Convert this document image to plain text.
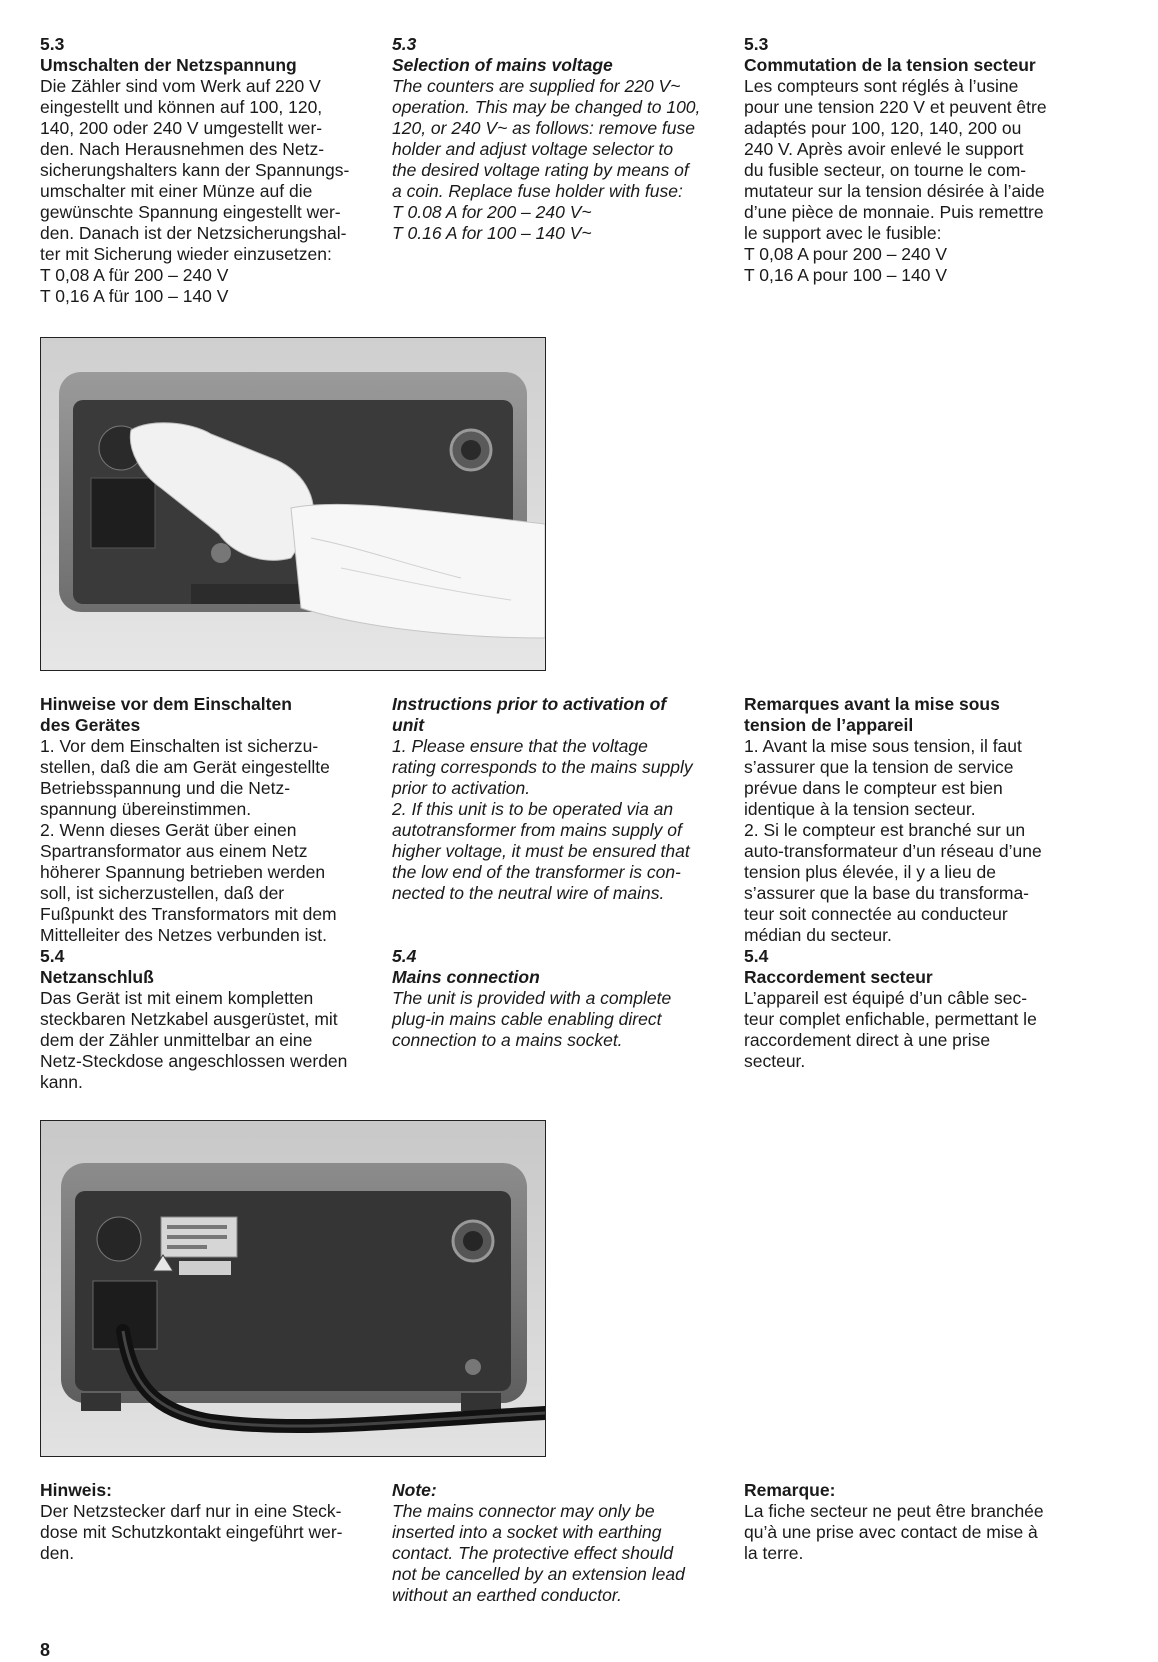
5.3

Umschalten der Netzspannung

Die Zähler sind vom Werk auf 220 V

eingestellt und können auf 100, 120,

140, 200 oder 240 V umgestellt wer-

den. Nach Herausnehmen des Netz-

sicherungshalters kann der Spannungs-

umschalter mit einer Münze auf die

gewünschte Spannung eingestellt wer-

den. Danach ist der Netzsicherungshal-

ter mit Sicherung wieder einzusetzen:

T 0,08 A für 200 – 240 V

T 0,16 A für 100 – 140 V

5.3

Selection of mains voltage

The counters are supplied for 220 V~

operation. This may be changed to 100,

120, or 240 V~ as follows: remove fuse

holder and adjust voltage selector to

the desired voltage rating by means of

a coin. Replace fuse holder with fuse:

T 0.08 A for 200 – 240 V~

T 0.16 A for 100 – 140 V~

5.3

Commutation de la tension secteur

Les compteurs sont réglés à l’usine

pour une tension 220 V et peuvent être

adaptés pour 100, 120, 140, 200 ou

240 V. Après avoir enlevé le support

du fusible secteur, on tourne le com-

mutateur sur la tension désirée à l’aide

d’une pièce de monnaie. Puis remettre

le support avec le fusible:

T 0,08 A pour 200 – 240 V

T 0,16 A pour 100 – 140 V

Hinweise vor dem Einschalten

des Gerätes

1. Vor dem Einschalten ist sicherzu-

stellen, daß die am Gerät eingestellte

Betriebsspannung und die Netz-

spannung übereinstimmen.

2. Wenn dieses Gerät über einen

Spartransformator aus einem Netz

höherer Spannung betrieben werden

soll, ist sicherzustellen, daß der

Fußpunkt des Transformators mit dem

Mittelleiter des Netzes verbunden ist.

5.4

Netzanschluß

Das Gerät ist mit einem kompletten

steckbaren Netzkabel ausgerüstet, mit

dem der Zähler unmittelbar an eine

Netz-Steckdose angeschlossen werden

kann.

Instructions prior to activation of

unit

1. Please ensure that the voltage

rating corresponds to the mains supply

prior to activation.

2. If this unit is to be operated via an

autotransformer from mains supply of

higher voltage, it must be ensured that

the low end of the transformer is con-

nected to the neutral wire of mains.

5.4

Mains connection

The unit is provided with a complete

plug-in mains cable enabling direct

connection to a mains socket.

Remarques avant la mise sous

tension de l’appareil

1. Avant la mise sous tension, il faut

s’assurer que la tension de service

prévue dans le compteur est bien

identique à la tension secteur.

2. Si le compteur est branché sur un

auto-transformateur d’un réseau d’une

tension plus élevée, il y a lieu de

s’assurer que la base du transforma-

teur soit connectée au conducteur

médian du secteur.

5.4

Raccordement secteur

L’appareil est équipé d’un câble sec-

teur complet enfichable, permettant le

raccordement direct à une prise

secteur.

Hinweis:

Der Netzstecker darf nur in eine Steck-

dose mit Schutzkontakt eingeführt wer-

den.

Note:

The mains connector may only be

inserted into a socket with earthing

contact. The protective effect should

not be cancelled by an extension lead

without an earthed conductor.

Remarque:

La fiche secteur ne peut être branchée

qu’à une prise avec contact de mise à

la terre.

8
